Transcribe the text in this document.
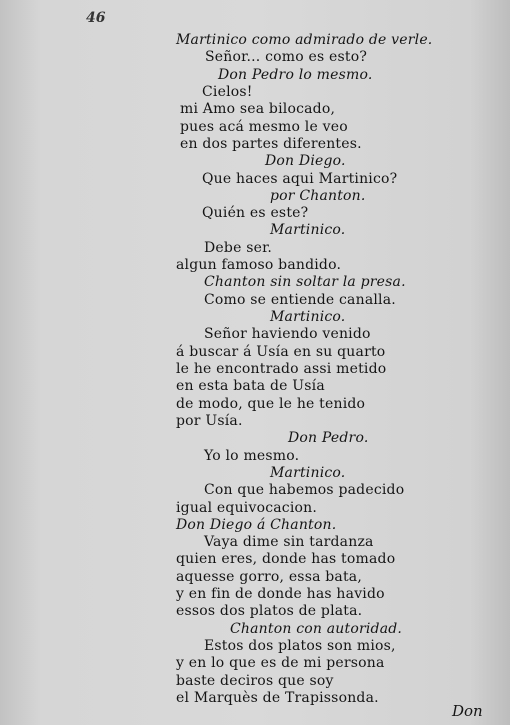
46
Martinico como admirado de verle.
Señor... como es esto?
Don Pedro lo mesmo.
Cielos!
mi Amo sea bilocado,
pues acá mesmo le veo
en dos partes diferentes.
Don Diego.
Que haces aqui Martinico?
por Chanton.
Quién es este?
Martinico.
Debe ser.
algun famoso bandido.
Chanton sin soltar la presa.
Como se entiende canalla.
Martinico.
Señor haviendo venido
á buscar á Usía en su quarto
le he encontrado assi metido
en esta bata de Usía
de modo, que le he tenido
por Usía.
Don Pedro.
Yo lo mesmo.
Martinico.
Con que habemos padecido
igual equivocacion.
Don Diego á Chanton.
Vaya dime sin tardanza
quien eres, donde has tomado
aquesse gorro, essa bata,
y en fin de donde has havido
essos dos platos de plata.
Chanton con autoridad.
Estos dos platos son mios,
y en lo que es de mi persona
baste deciros que soy
Don
el Marquès de Trapissonda.
